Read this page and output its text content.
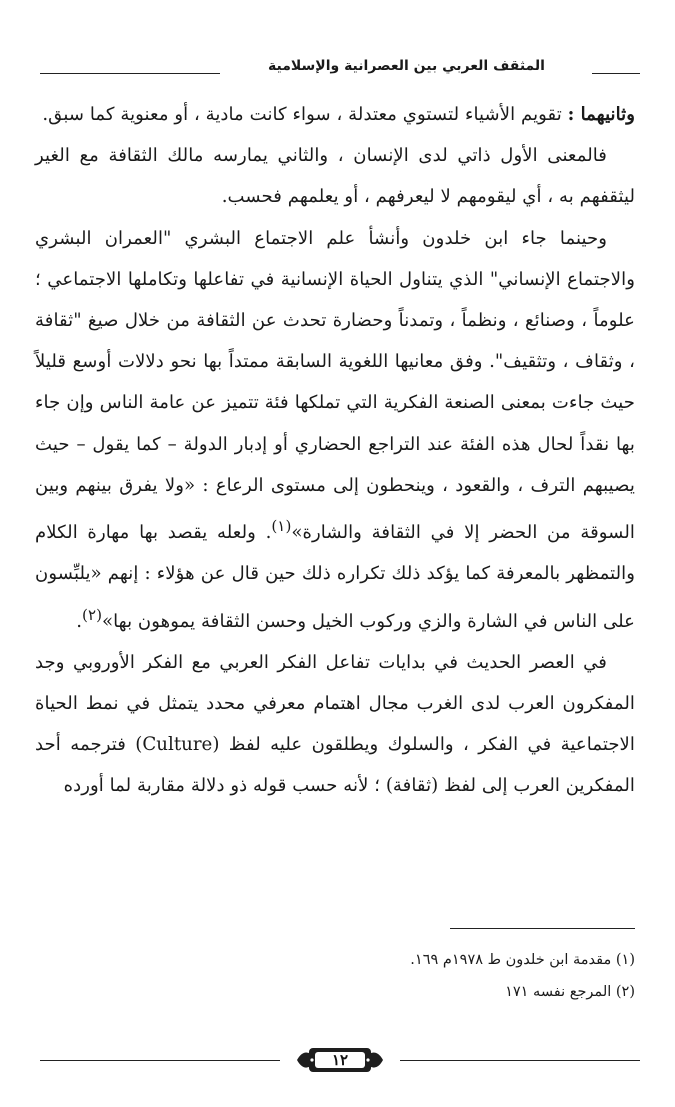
المثقف العربي بين العصرانية والإسلامية

وثانيهما : تقويم الأشياء لتستوي معتدلة ، سواء كانت مادية ، أو معنوية كما سبق.

فالمعنى الأول ذاتي لدى الإنسان ، والثاني يمارسه مالك الثقافة مع الغير ليثقفهم به ، أي ليقومهم لا ليعرفهم ، أو يعلمهم فحسب.

وحينما جاء ابن خلدون وأنشأ علم الاجتماع البشري "العمران البشري والاجتماع الإنساني" الذي يتناول الحياة الإنسانية في تفاعلها وتكاملها الاجتماعي ؛ علوماً ، وصنائع ، ونظماً ، وتمدناً وحضارة تحدث عن الثقافة من خلال صيغ "ثقافة ، وثقاف ، وتثقيف". وفق معانيها اللغوية السابقة ممتداً بها نحو دلالات أوسع قليلاً حيث جاءت بمعنى الصنعة الفكرية التي تملكها فئة تتميز عن عامة الناس وإن جاء بها نقداً لحال هذه الفئة عند التراجع الحضاري أو إدبار الدولة – كما يقول – حيث يصيبهم الترف ، والقعود ، وينحطون إلى مستوى الرعاع : «ولا يفرق بينهم وبين السوقة من الحضر إلا في الثقافة والشارة»$^{(١)}$. ولعله يقصد بها مهارة الكلام والتمظهر بالمعرفة كما يؤكد ذلك تكراره ذلك حين قال عن هؤلاء : إنهم «يلبِّسون على الناس في الشارة والزي وركوب الخيل وحسن الثقافة يموهون بها»$^{(٢)}$.

في العصر الحديث في بدايات تفاعل الفكر العربي مع الفكر الأوروبي وجد المفكرون العرب لدى الغرب مجال اهتمام معرفي محدد يتمثل في نمط الحياة الاجتماعية في الفكر ، والسلوك ويطلقون عليه لفظ (Culture) فترجمه أحد المفكرين العرب إلى لفظ (ثقافة) ؛ لأنه حسب قوله ذو دلالة مقاربة لما أورده

(١) مقدمة ابن خلدون ط ١٩٧٨م ١٦٩.

(٢) المرجع نفسه ١٧١

١٢
